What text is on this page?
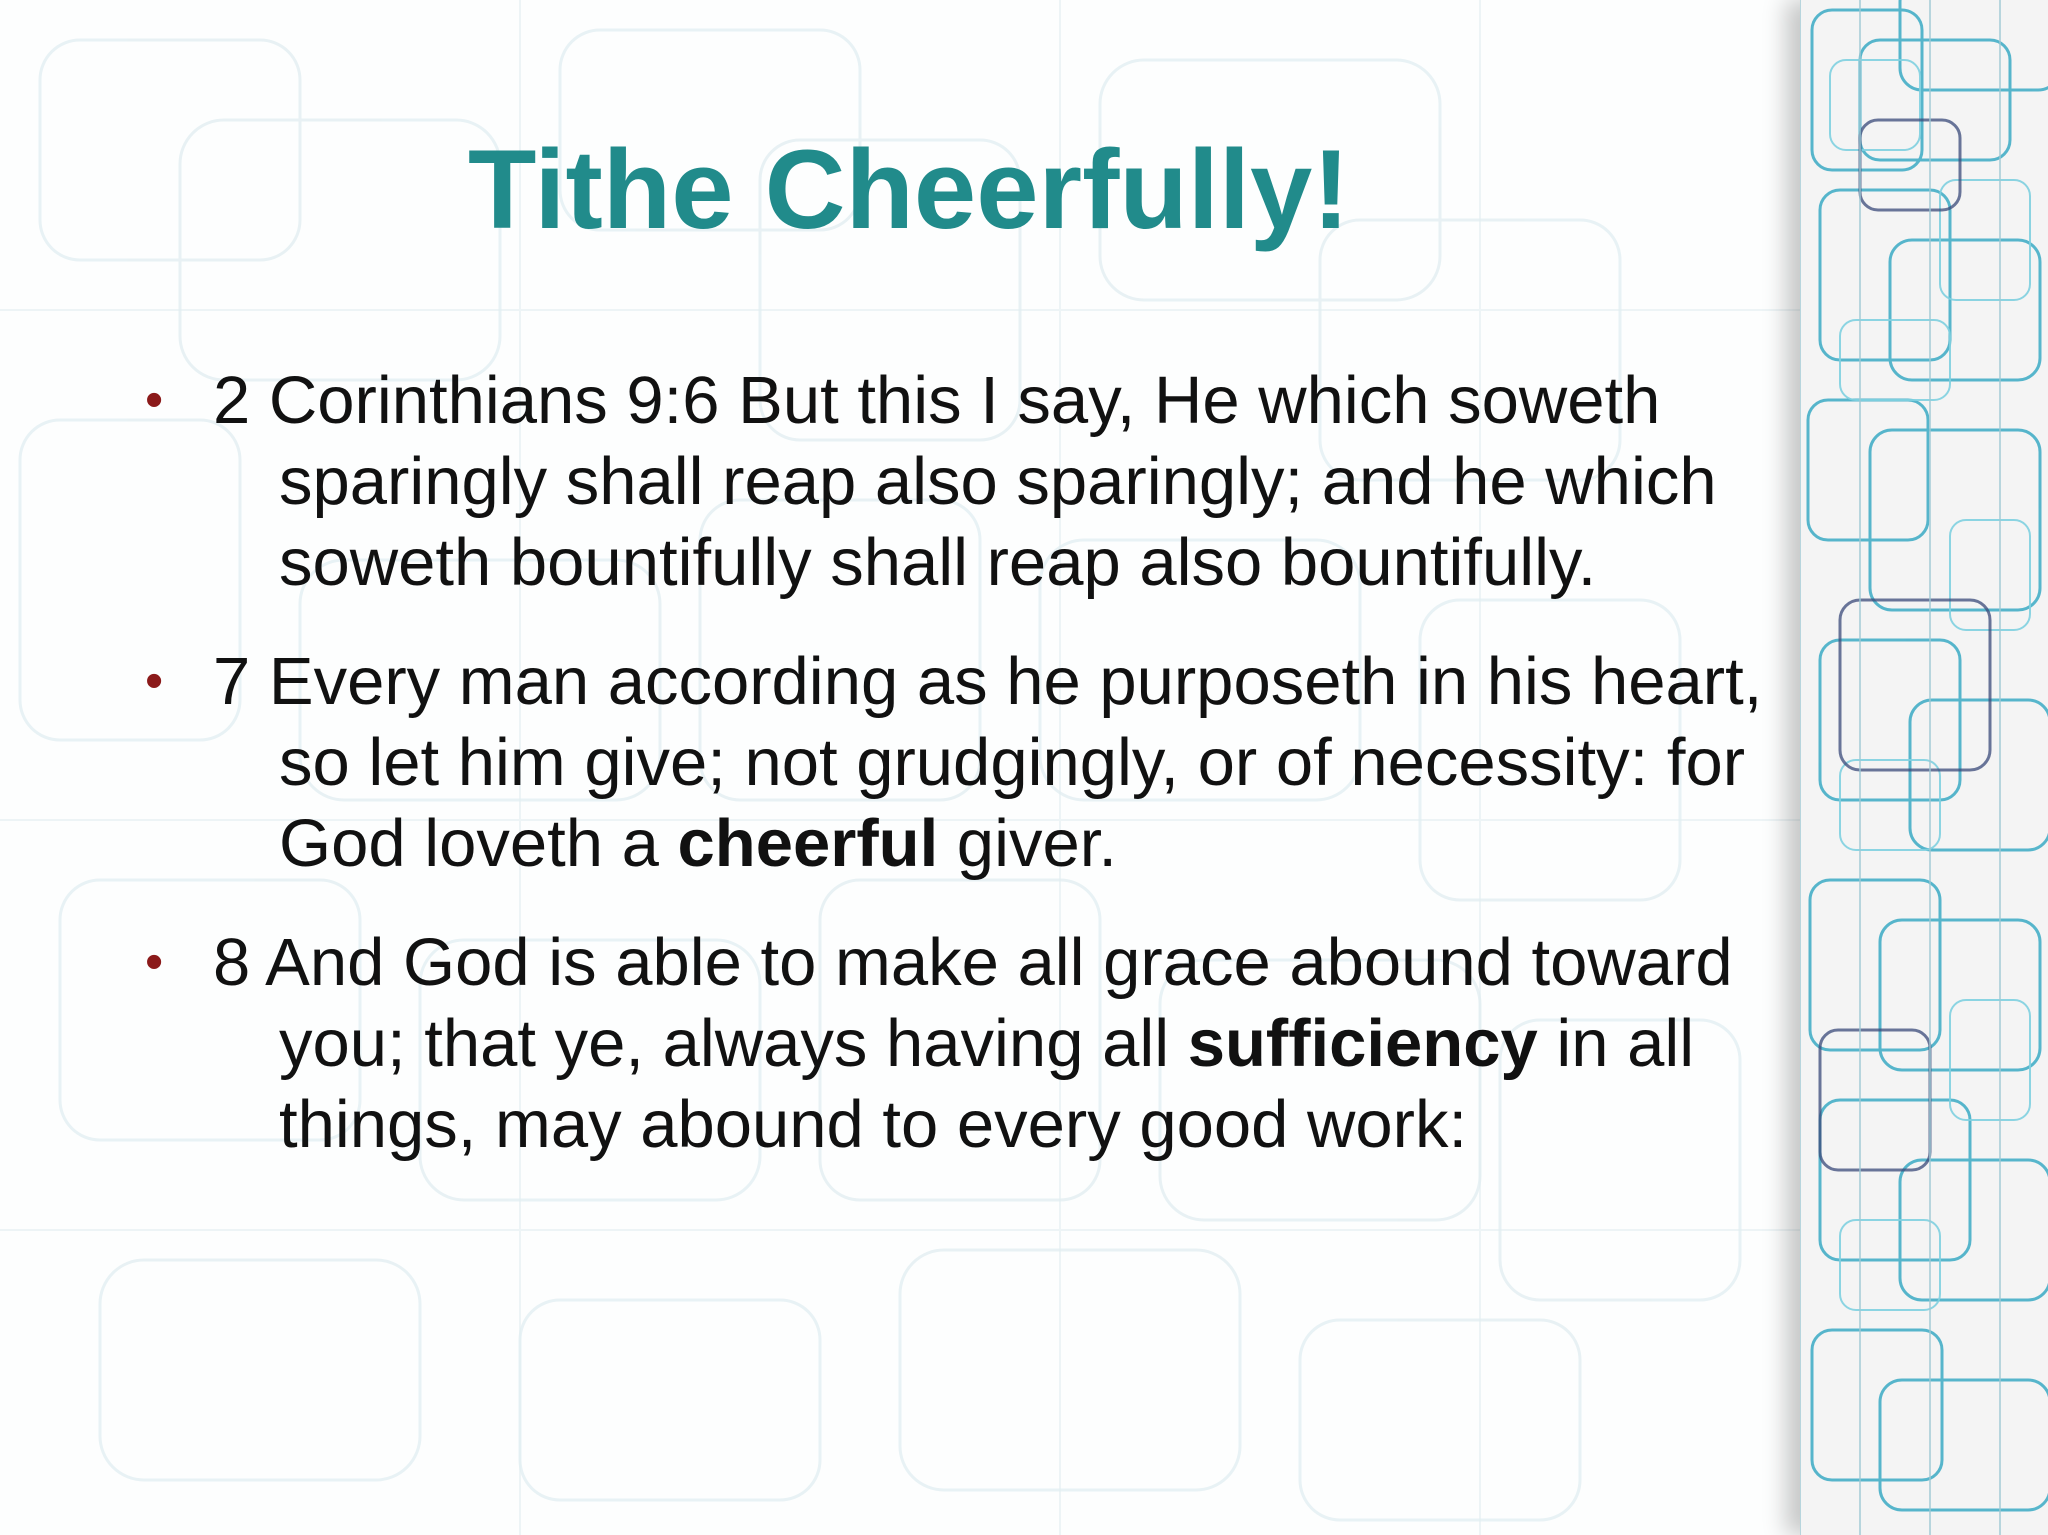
Tithe Cheerfully!
• 2 Corinthians 9:6 But this I say, He which soweth sparingly shall reap also sparingly; and he which soweth bountifully shall reap also bountifully.
• 7 Every man according as he purposeth in his heart, so let him give; not grudgingly, or of necessity: for God loveth a cheerful giver.
• 8 And God is able to make all grace abound toward you; that ye, always having all sufficiency in all things, may abound to every good work:
